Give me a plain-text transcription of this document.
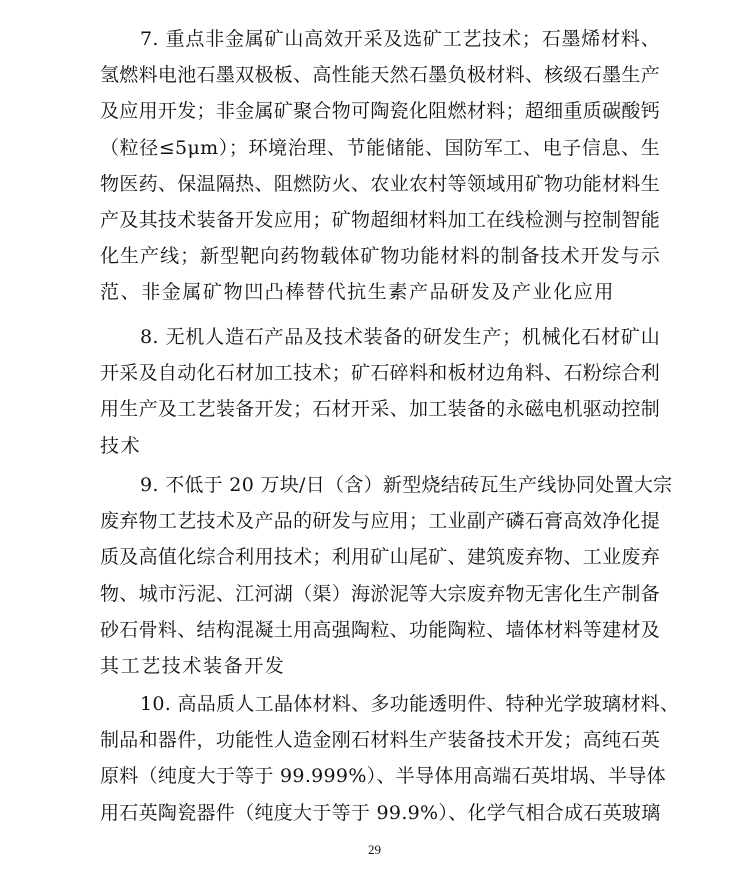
7. 重点非金属矿山高效开采及选矿工艺技术；石墨烯材料、
氢燃料电池石墨双极板、高性能天然石墨负极材料、核级石墨生产
及应用开发；非金属矿聚合物可陶瓷化阻燃材料；超细重质碳酸钙
（粒径≤5μm）；环境治理、节能储能、国防军工、电子信息、生
物医药、保温隔热、阻燃防火、农业农村等领域用矿物功能材料生
产及其技术装备开发应用；矿物超细材料加工在线检测与控制智能
化生产线；新型靶向药物载体矿物功能材料的制备技术开发与示
范、非金属矿物凹凸棒替代抗生素产品研发及产业化应用
8. 无机人造石产品及技术装备的研发生产；机械化石材矿山
开采及自动化石材加工技术；矿石碎料和板材边角料、石粉综合利
用生产及工艺装备开发；石材开采、加工装备的永磁电机驱动控制
技术
9. 不低于 20 万块/日（含）新型烧结砖瓦生产线协同处置大宗
废弃物工艺技术及产品的研发与应用；工业副产磷石膏高效净化提
质及高值化综合利用技术；利用矿山尾矿、建筑废弃物、工业废弃
物、城市污泥、江河湖（渠）海淤泥等大宗废弃物无害化生产制备
砂石骨料、结构混凝土用高强陶粒、功能陶粒、墙体材料等建材及
其工艺技术装备开发
10. 高品质人工晶体材料、多功能透明件、特种光学玻璃材料、
制品和器件，功能性人造金刚石材料生产装备技术开发；高纯石英
原料（纯度大于等于 99.999%）、半导体用高端石英坩埚、半导体
用石英陶瓷器件（纯度大于等于 99.9%）、化学气相合成石英玻璃
29
